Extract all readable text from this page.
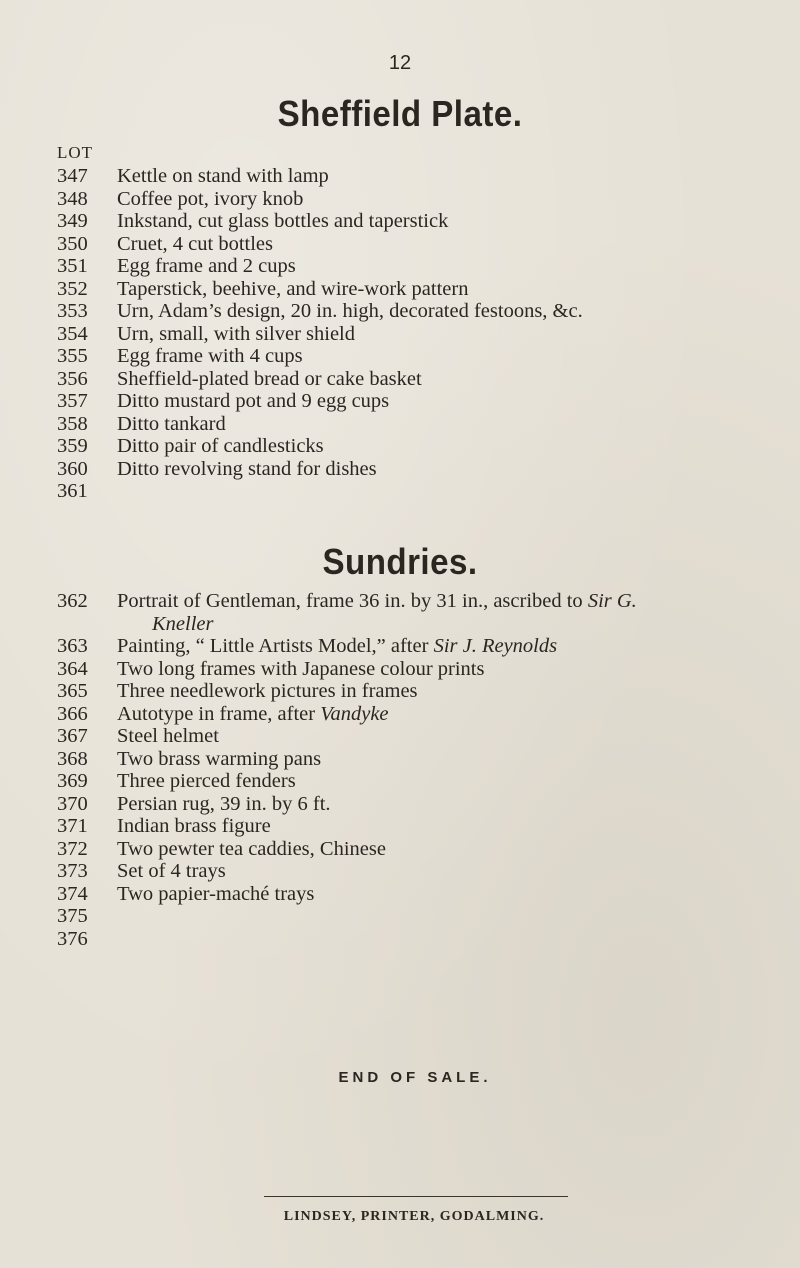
12
Sheffield Plate.
LOT
347	Kettle on stand with lamp
348	Coffee pot, ivory knob
349	Inkstand, cut glass bottles and taperstick
350	Cruet, 4 cut bottles
351	Egg frame and 2 cups
352	Taperstick, beehive, and wire-work pattern
353	Urn, Adam’s design, 20 in. high, decorated festoons, &c.
354	Urn, small, with silver shield
355	Egg frame with 4 cups
356	Sheffield-plated bread or cake basket
357	Ditto mustard pot and 9 egg cups
358	Ditto tankard
359	Ditto pair of candlesticks
360	Ditto revolving stand for dishes
361
Sundries.
362	Portrait of Gentleman, frame 36 in. by 31 in., ascribed to Sir G.
Kneller
363	Painting, “ Little Artists Model,” after Sir J. Reynolds
364	Two long frames with Japanese colour prints
365	Three needlework pictures in frames
366	Autotype in frame, after Vandyke
367	Steel helmet
368	Two brass warming pans
369	Three pierced fenders
370	Persian rug, 39 in. by 6 ft.
371	Indian brass figure
372	Two pewter tea caddies, Chinese
373	Set of 4 trays
374	Two papier-maché trays
375
376
END OF SALE.
LINDSEY, PRINTER, GODALMING.
